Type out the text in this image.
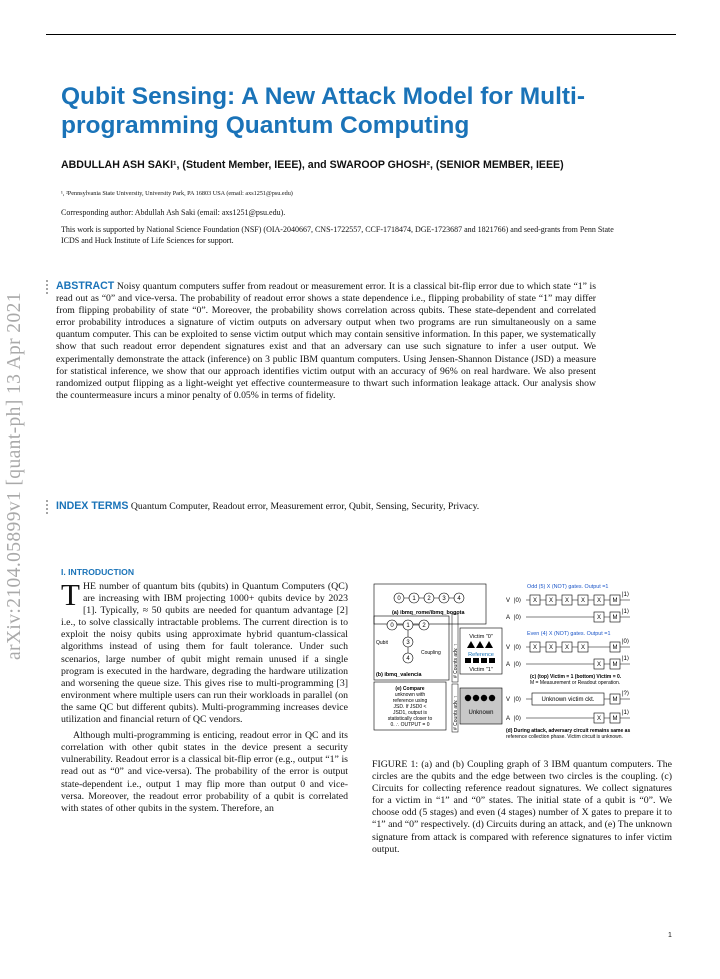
arXiv:2104.05899v1 [quant-ph] 13 Apr 2021
Qubit Sensing: A New Attack Model for Multi-programming Quantum Computing

ABDULLAH ASH SAKI¹, (Student Member, IEEE), and SWAROOP GHOSH², (SENIOR MEMBER, IEEE)

¹, ²Pennsylvania State University, University Park, PA 16803 USA (email: axs1251@psu.edu)
Corresponding author: Abdullah Ash Saki (email: axs1251@psu.edu).
This work is supported by National Science Foundation (NSF) (OIA-2040667, CNS-1722557, CCF-1718474, DGE-1723687 and 1821766) and seed-grants from Penn State ICDS and Huck Institute of Life Sciences for support.

ABSTRACT Noisy quantum computers suffer from readout or measurement error. It is a classical bit-flip error due to which state “1” is read out as “0” and vice-versa. The probability of readout error shows a state dependence i.e., flipping probability of state “1” may differ from flipping probability of state “0”. Moreover, the probability shows correlation across qubits. These state-dependent and correlated error probability introduces a signature of victim outputs on adversary output when two programs are run simultaneously on a same quantum computer. This can be exploited to sense victim output which may contain sensitive information. In this paper, we systematically show that such readout error dependent signatures exist and that an adversary can use such signature to infer a user output. We experimentally demonstrate the attack (inference) on 3 public IBM quantum computers. Using Jensen-Shannon Distance (JSD) a measure for statistical inference, we show that our approach identifies victim output with an accuracy of 96% on real hardware. We also present randomized output flipping as a light-weight yet effective countermeasure to thwart such information leakage attack. Our analysis show the countermeasure incurs a minor penalty of 0.05% in terms of fidelity.

INDEX TERMS Quantum Computer, Readout error, Measurement error, Qubit, Sensing, Security, Privacy.
I. INTRODUCTION

THE number of quantum bits (qubits) in Quantum Computers (QC) are increasing with IBM projecting 1000+ qubits device by 2023 [1]. Typically, ≈ 50 qubits are needed for quantum advantage [2] i.e., to solve classically intractable problems. The current direction is to exploit the noisy qubits using approximate hybrid quantum-classical algorithms instead of using them for fault tolerance. Under such scenarios, large number of qubit might remain unused if a single program is executed in the hardware, degrading the hardware utilization and worsening the queue size. This gives rise to multi-programming [3] environment where multiple users can run their workloads in parallel (on the same QC but different qubits). Multi-programming increases device utilization and financial return of QC vendors.

Although multi-programming is enticing, readout error in QC and its correlation with other qubit states in the device present a security vulnerability. Readout error is a classical bit-flip error (e.g., output “1” is read out as “0” and vice-versa). The probability of the error is output state-dependent i.e., output 1 may flip more than output 0 and vice-versa. Moreover, the readout error probability of a qubit is correlated with states of other qubits in the system. Therefore, an

0 1 2 3 4
(a) ibmq_rome/ibmq_bogota
0 1 2
3
4
Qubit
Coupling
(b) ibmq_valencia
(e) Compare
unknown with
reference using
JSD. If JSD0 <
JSD1, output is
statistically closer to
0. ∴ OUTPUT = 0
# Counts adv. ↑
Victim “0”
Reference
Victim “1”
# Counts adv. ↑ Unknown
Odd (5) X (NOT) gates. Output =1
V |0⟩ X X X X X M
|1⟩
A |0⟩	X M
|1⟩
Even (4) X (NOT) gates. Output =1
V |0⟩ X X X X	M
|0⟩
A |0⟩	X M
|1⟩
(c) (top) Victim = 1 (bottom) Victim = 0.
M = Measurement or Readout operation.
V |0⟩	Unknown victim ckt.	M
|?⟩
A |0⟩	X M
|1⟩
(d) During attack, adversary circuit remains same as
reference collection phase. Victim circuit is unknown.
FIGURE 1: (a) and (b) Coupling graph of 3 IBM quantum computers. The circles are the qubits and the edge between two circles is the coupling. (c) Circuits for collecting reference readout signatures. We collect signatures for a victim in “1” and “0” states. The initial state of a qubit is “0”. We choose odd (5 stages) and even (4 stages) number of X gates to prepare it to “1” and “0” respectively. (d) Circuits during an attack, and (e) The unknown signature from attack is compared with reference signatures to infer victim output.
1
